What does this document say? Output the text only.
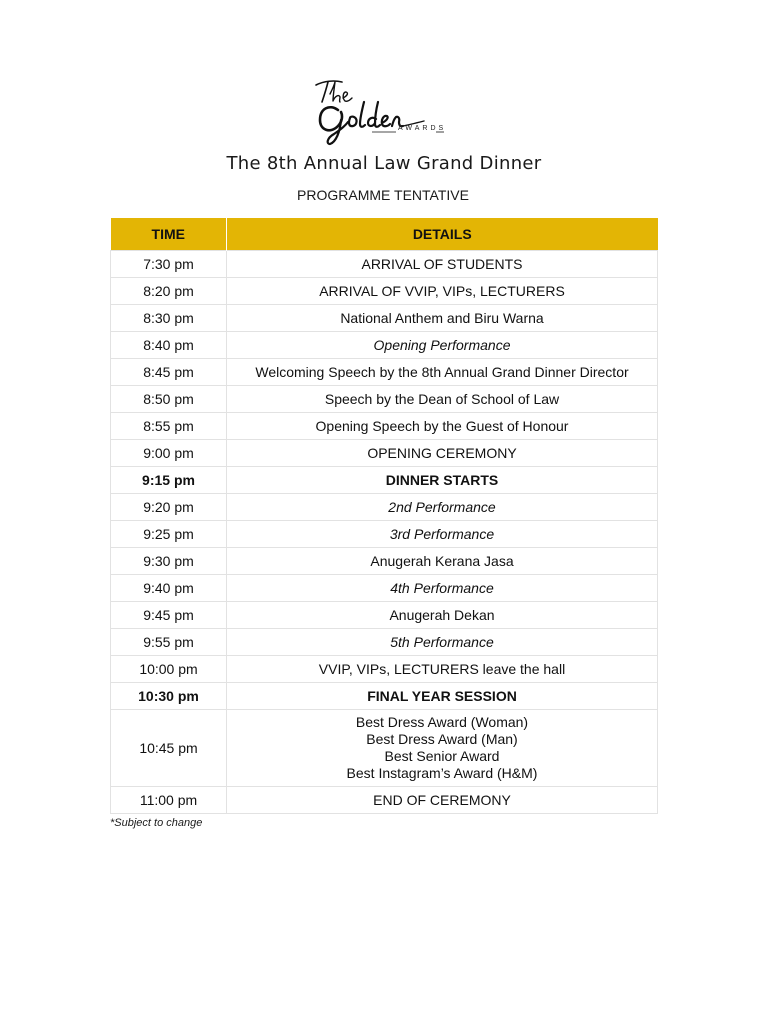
AWARDS
The 8th Annual Law Grand Dinner
PROGRAMME TENTATIVE
TIME	DETAILS
7:30 pm	ARRIVAL OF STUDENTS
8:20 pm	ARRIVAL OF VVIP, VIPs, LECTURERS
8:30 pm	National Anthem and Biru Warna
8:40 pm	Opening Performance
8:45 pm	Welcoming Speech by the 8th Annual Grand Dinner Director
8:50 pm	Speech by the Dean of School of Law
8:55 pm	Opening Speech by the Guest of Honour
9:00 pm	OPENING CEREMONY
9:15 pm	DINNER STARTS
9:20 pm	2nd Performance
9:25 pm	3rd Performance
9:30 pm	Anugerah Kerana Jasa
9:40 pm	4th Performance
9:45 pm	Anugerah Dekan
9:55 pm	5th Performance
10:00 pm	VVIP, VIPs, LECTURERS leave the hall
10:30 pm	FINAL YEAR SESSION
10:45 pm	Best Dress Award (Woman)
Best Dress Award (Man)
Best Senior Award
Best Instagram’s Award (H&M)

11:00 pm	END OF CEREMONY
*Subject to change
